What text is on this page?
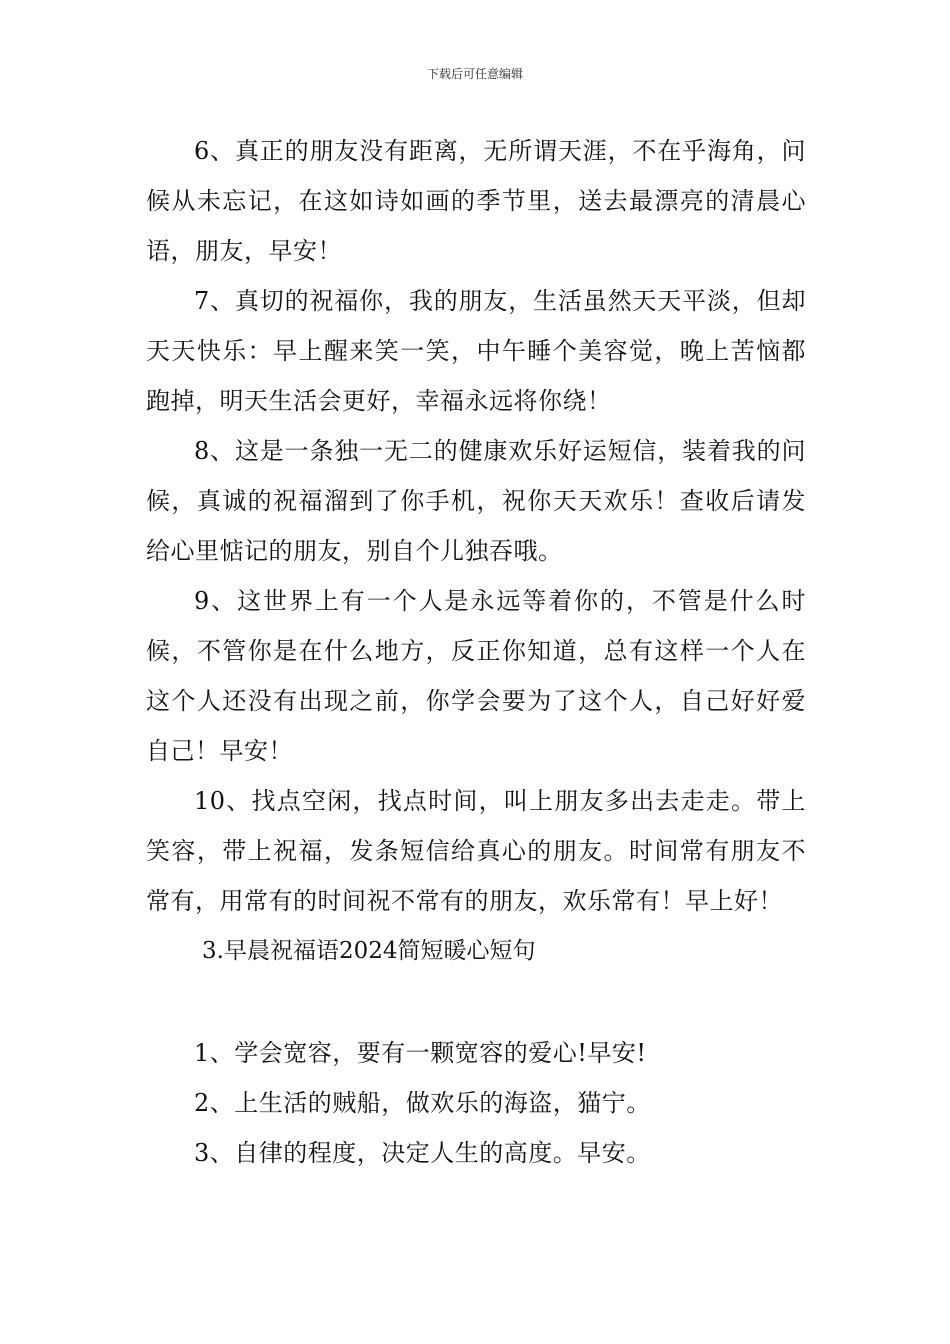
下载后可任意编辑

6、真正的朋友没有距离，无所谓天涯，不在乎海角，问候从未忘记，在这如诗如画的季节里，送去最漂亮的清晨心语，朋友，早安！

7、真切的祝福你，我的朋友，生活虽然天天平淡，但却天天快乐：早上醒来笑一笑，中午睡个美容觉，晚上苦恼都跑掉，明天生活会更好，幸福永远将你绕！

8、这是一条独一无二的健康欢乐好运短信，装着我的问候，真诚的祝福溜到了你手机，祝你天天欢乐！查收后请发给心里惦记的朋友，别自个儿独吞哦。

9、这世界上有一个人是永远等着你的，不管是什么时候，不管你是在什么地方，反正你知道，总有这样一个人在这个人还没有出现之前，你学会要为了这个人，自己好好爱自己！早安！

10、找点空闲，找点时间，叫上朋友多出去走走。带上笑容，带上祝福，发条短信给真心的朋友。时间常有朋友不常有，用常有的时间祝不常有的朋友，欢乐常有！早上好！

3.早晨祝福语2024简短暖心短句

1、学会宽容，要有一颗宽容的爱心!早安!

2、上生活的贼船，做欢乐的海盗，猫宁。

3、自律的程度，决定人生的高度。早安。
